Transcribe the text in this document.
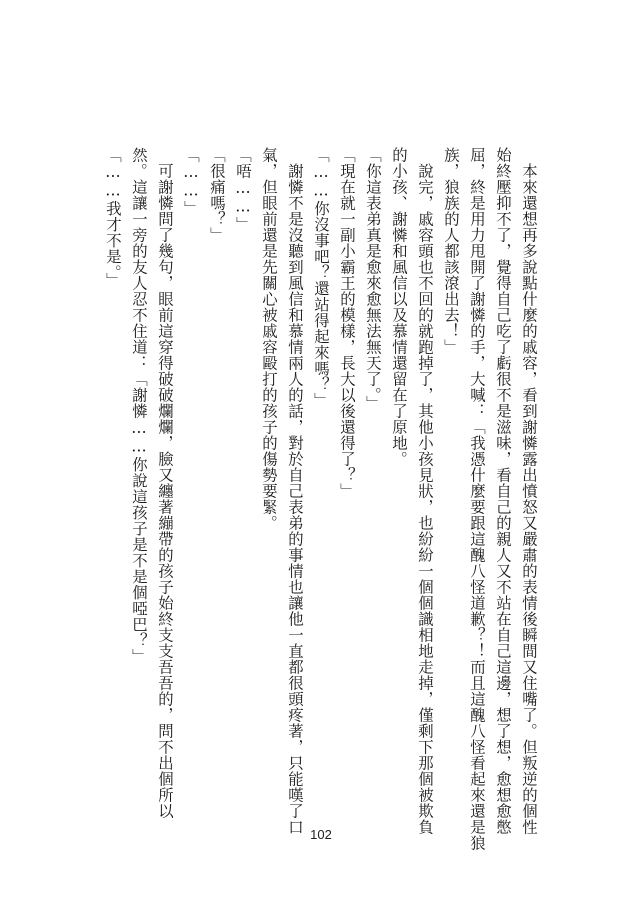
　本來還想再多說點什麼的戚容，看到謝憐露出憤怒又嚴肅的表情後瞬間又住嘴了。但叛逆的個性
始終壓抑不了，覺得自己吃了虧很不是滋味，看自己的親人又不站在自己這邊，想了想，愈想愈憋
屈，終是用力甩開了謝憐的手，大喊：「我憑什麼要跟這醜八怪道歉？！而且這醜八怪看起來還是狼
族，狼族的人都該滾出去！」
　說完，戚容頭也不回的就跑掉了，其他小孩見狀，也紛紛一個個識相地走掉，僅剩下那個被欺負
的小孩、謝憐和風信以及慕情還留在了原地。
「你這表弟真是愈來愈無法無天了。」
「現在就一副小霸王的模樣，長大以後還得了？」
「……你沒事吧？還站得起來嗎？」
　謝憐不是沒聽到風信和慕情兩人的話，對於自己表弟的事情也讓他一直都很頭疼著，只能嘆了口
氣，但眼前還是先關心被戚容毆打的孩子的傷勢要緊。
「唔……」
「很痛嗎？」
「……」
　可謝憐問了幾句，眼前這穿得破破爛爛，臉又纏著繃帶的孩子始終支支吾吾的，問不出個所以
然。這讓一旁的友人忍不住道：「謝憐……你說這孩子是不是個啞巴？」
「……我才不是。」
102
